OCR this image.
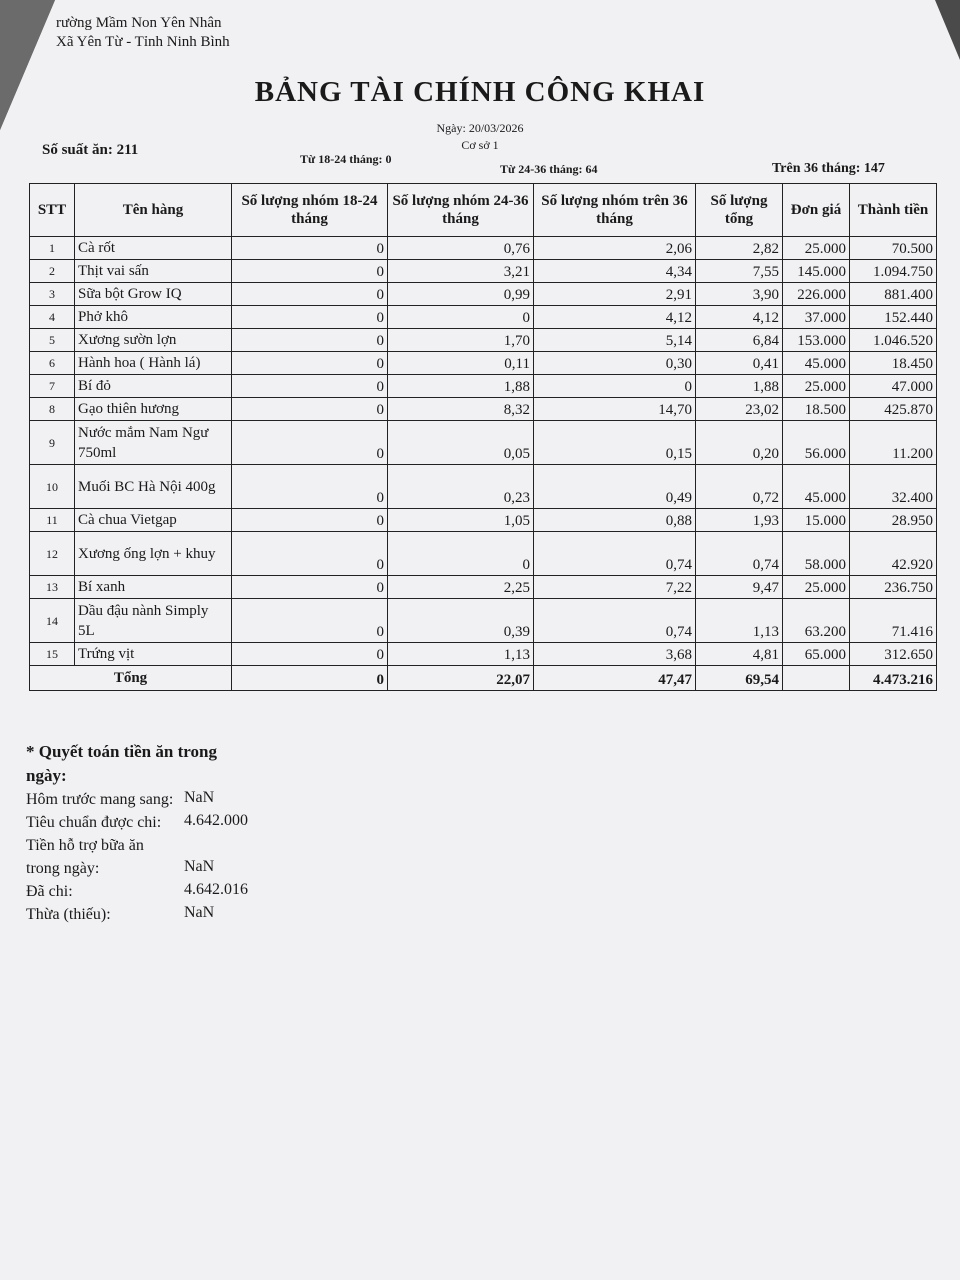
rường Mầm Non Yên Nhân
Xã Yên Từ - Tỉnh Ninh Bình
BẢNG TÀI CHÍNH CÔNG KHAI
Ngày: 20/03/2026
Cơ sở 1
Số suất ăn: 211
Từ 18-24 tháng: 0
Từ 24-36 tháng: 64	Trên 36 tháng: 147
STT	Tên hàng	Số lượng nhóm 18-24 tháng	Số lượng nhóm 24-36 tháng	Số lượng nhóm trên 36 tháng	Số lượng tổng	Đơn giá	Thành tiền
1	Cà rốt	0	0,76	2,06	2,82	25.000	70.500
2	Thịt vai sấn	0	3,21	4,34	7,55	145.000	1.094.750
3	Sữa bột Grow IQ	0	0,99	2,91	3,90	226.000	881.400
4	Phở khô	0	0	4,12	4,12	37.000	152.440
5	Xương sườn lợn	0	1,70	5,14	6,84	153.000	1.046.520
6	Hành hoa ( Hành lá)	0	0,11	0,30	0,41	45.000	18.450
7	Bí đỏ	0	1,88	0	1,88	25.000	47.000
8	Gạo thiên hương	0	8,32	14,70	23,02	18.500	425.870
9	Nước mắm Nam Ngư 750ml	0	0,05	0,15	0,20	56.000	11.200
10	Muối BC Hà Nội 400g	0	0,23	0,49	0,72	45.000	32.400
11	Cà chua Vietgap	0	1,05	0,88	1,93	15.000	28.950
12	Xương ống lợn + khuy	0	0	0,74	0,74	58.000	42.920
13	Bí xanh	0	2,25	7,22	9,47	25.000	236.750
14	Dầu đậu nành Simply 5L	0	0,39	0,74	1,13	63.200	71.416
15	Trứng vịt	0	1,13	3,68	4,81	65.000	312.650
Tổng		0	22,07	47,47	69,54		4.473.216
* Quyết toán tiền ăn trong ngày:
Hôm trước mang sang: NaN
Tiêu chuẩn được chi:	4.642.000
Tiền hỗ trợ bữa ăn trong ngày:	NaN
Đã chi:	4.642.016
Thừa (thiếu):	NaN
